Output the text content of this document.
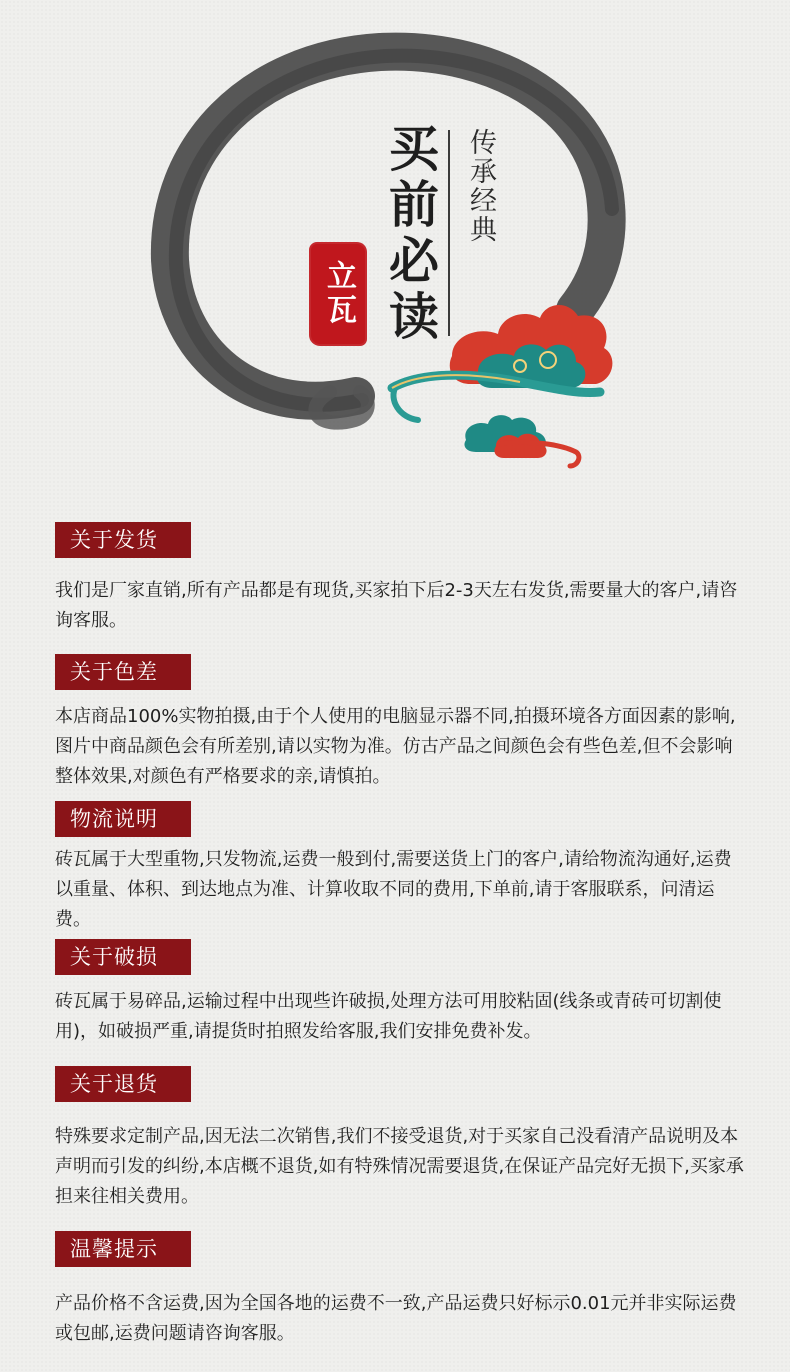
买前必读 传承经典
立瓦
关于发货
我们是厂家直销,所有产品都是有现货,买家拍下后2-3天左右发货,需要量大的客户,请咨询客服。
关于色差
本店商品100%实物拍摄,由于个人使用的电脑显示器不同,拍摄环境各方面因素的影响,图片中商品颜色会有所差别,请以实物为准。仿古产品之间颜色会有些色差,但不会影响整体效果,对颜色有严格要求的亲,请慎拍。
物流说明
砖瓦属于大型重物,只发物流,运费一般到付,需要送货上门的客户,请给物流沟通好,运费以重量、体积、到达地点为准、计算收取不同的费用,下单前,请于客服联系，问清运费。
关于破损
砖瓦属于易碎品,运输过程中出现些许破损,处理方法可用胶粘固(线条或青砖可切割使用)，如破损严重,请提货时拍照发给客服,我们安排免费补发。
关于退货
特殊要求定制产品,因无法二次销售,我们不接受退货,对于买家自己没看清产品说明及本声明而引发的纠纷,本店概不退货,如有特殊情况需要退货,在保证产品完好无损下,买家承担来往相关费用。
温馨提示
产品价格不含运费,因为全国各地的运费不一致,产品运费只好标示0.01元并非实际运费或包邮,运费问题请咨询客服。
